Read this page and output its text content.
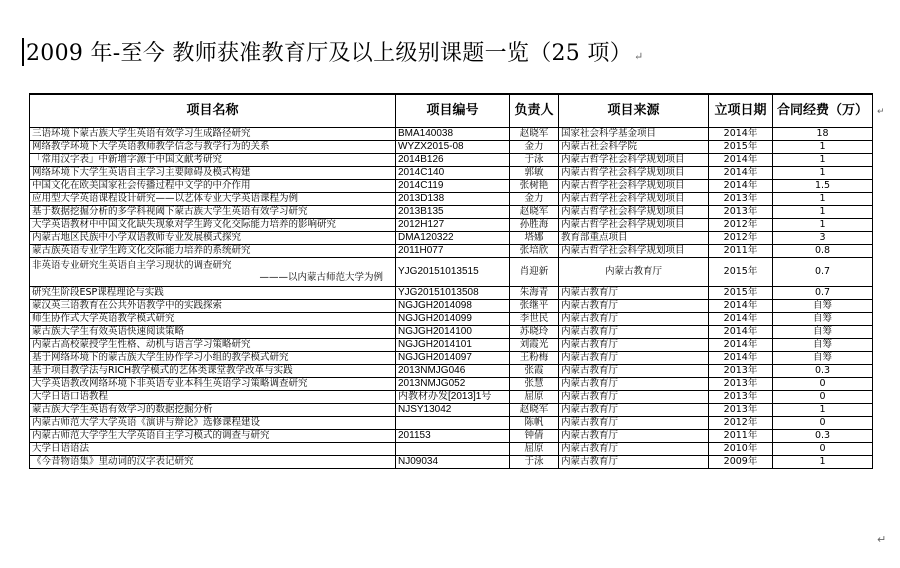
2009 年-至今 教师获准教育厅及以上级别课题一览（25 项） ↵
项目名称	项目编号	负责人	项目来源	立项日期	合同经费（万）
三语环境下蒙古族大学生英语有效学习生成路径研究	BMA140038	赵晓军	国家社会科学基金项目	2014年	18
网络教学环境下大学英语教师教学信念与教学行为的关系	WYZX2015-08	金力	内蒙古社会科学院	2015年	1
「常用汉字表」中新增字源于中国文献考研究	2014B126	于泳	内蒙古哲学社会科学规划项目	2014年	1
网络环境下大学生英语自主学习主要障碍及模式构建	2014C140	郭敏	内蒙古哲学社会科学规划项目	2014年	1
中国文化在欧美国家社会传播过程中文学的中介作用	2014C119	张树艳	内蒙古哲学社会科学规划项目	2014年	1.5
应用型大学英语课程设计研究——以艺体专业大学英语课程为例	2013D138	金力	内蒙古哲学社会科学规划项目	2013年	1
基于数据挖掘分析的多学科视阈下蒙古族大学生英语有效学习研究	2013B135	赵晓军	内蒙古哲学社会科学规划项目	2013年	1
大学英语教材中中国文化缺失现象对学生跨文化交际能力培养的影响研究	2012H127	孙胜海	内蒙古哲学社会科学规划项目	2012年	1
内蒙古地区民族中小学双语教师专业发展模式探究	DMA120322	塔娜	教育部重点项目	2012年	3
蒙古族英语专业学生跨文化交际能力培养的系统研究	2011H077	张培欣	内蒙古哲学社会科学规划项目	2011年	0.8
非英语专业研究生英语自主学习现状的调查研究
———以内蒙古师范大学为例	YJG20151013515	肖迎新	内蒙古教育厅	2015年	0.7
研究生阶段ESP课程理论与实践	YJG20151013508	朱海青	内蒙古教育厅	2015年	0.7
蒙汉英三语教育在公共外语教学中的实践探索	NGJGH2014098	张继平	内蒙古教育厅	2014年	自筹
师生协作式大学英语教学模式研究	NGJGH2014099	李世民	内蒙古教育厅	2014年	自筹
蒙古族大学生有效英语快速阅读策略	NGJGH2014100	苏晓玲	内蒙古教育厅	2014年	自筹
内蒙古高校蒙授学生性格、动机与语言学习策略研究	NGJGH2014101	刘霞光	内蒙古教育厅	2014年	自筹
基于网络环境下的蒙古族大学生协作学习小组的教学模式研究	NGJGH2014097	王粉梅	内蒙古教育厅	2014年	自筹
基于项目教学法与RICH教学模式的艺体类课堂教学改革与实践	2013NMJG046	张霞	内蒙古教育厅	2013年	0.3
大学英语教改网络环境下非英语专业本科生英语学习策略调查研究	2013NMJG052	张慧	内蒙古教育厅	2013年	0
大学日语口语教程	内教材办发[2013]1号	屈原	内蒙古教育厅	2013年	0
蒙古族大学生英语有效学习的数据挖掘分析	NJSY13042	赵晓军	内蒙古教育厅	2013年	1
内蒙古师范大学大学英语《演讲与辩论》选修课程建设		陈帆	内蒙古教育厅	2012年	0
内蒙古师范大学学生大学英语自主学习模式的调查与研究	201153	钟倩	内蒙古教育厅	2011年	0.3
大学日语语法		屈原	内蒙古教育厅	2010年	0
《今昔物语集》里动词的汉字表记研究	NJ09034	于泳	内蒙古教育厅	2009年	1
↵
↵
